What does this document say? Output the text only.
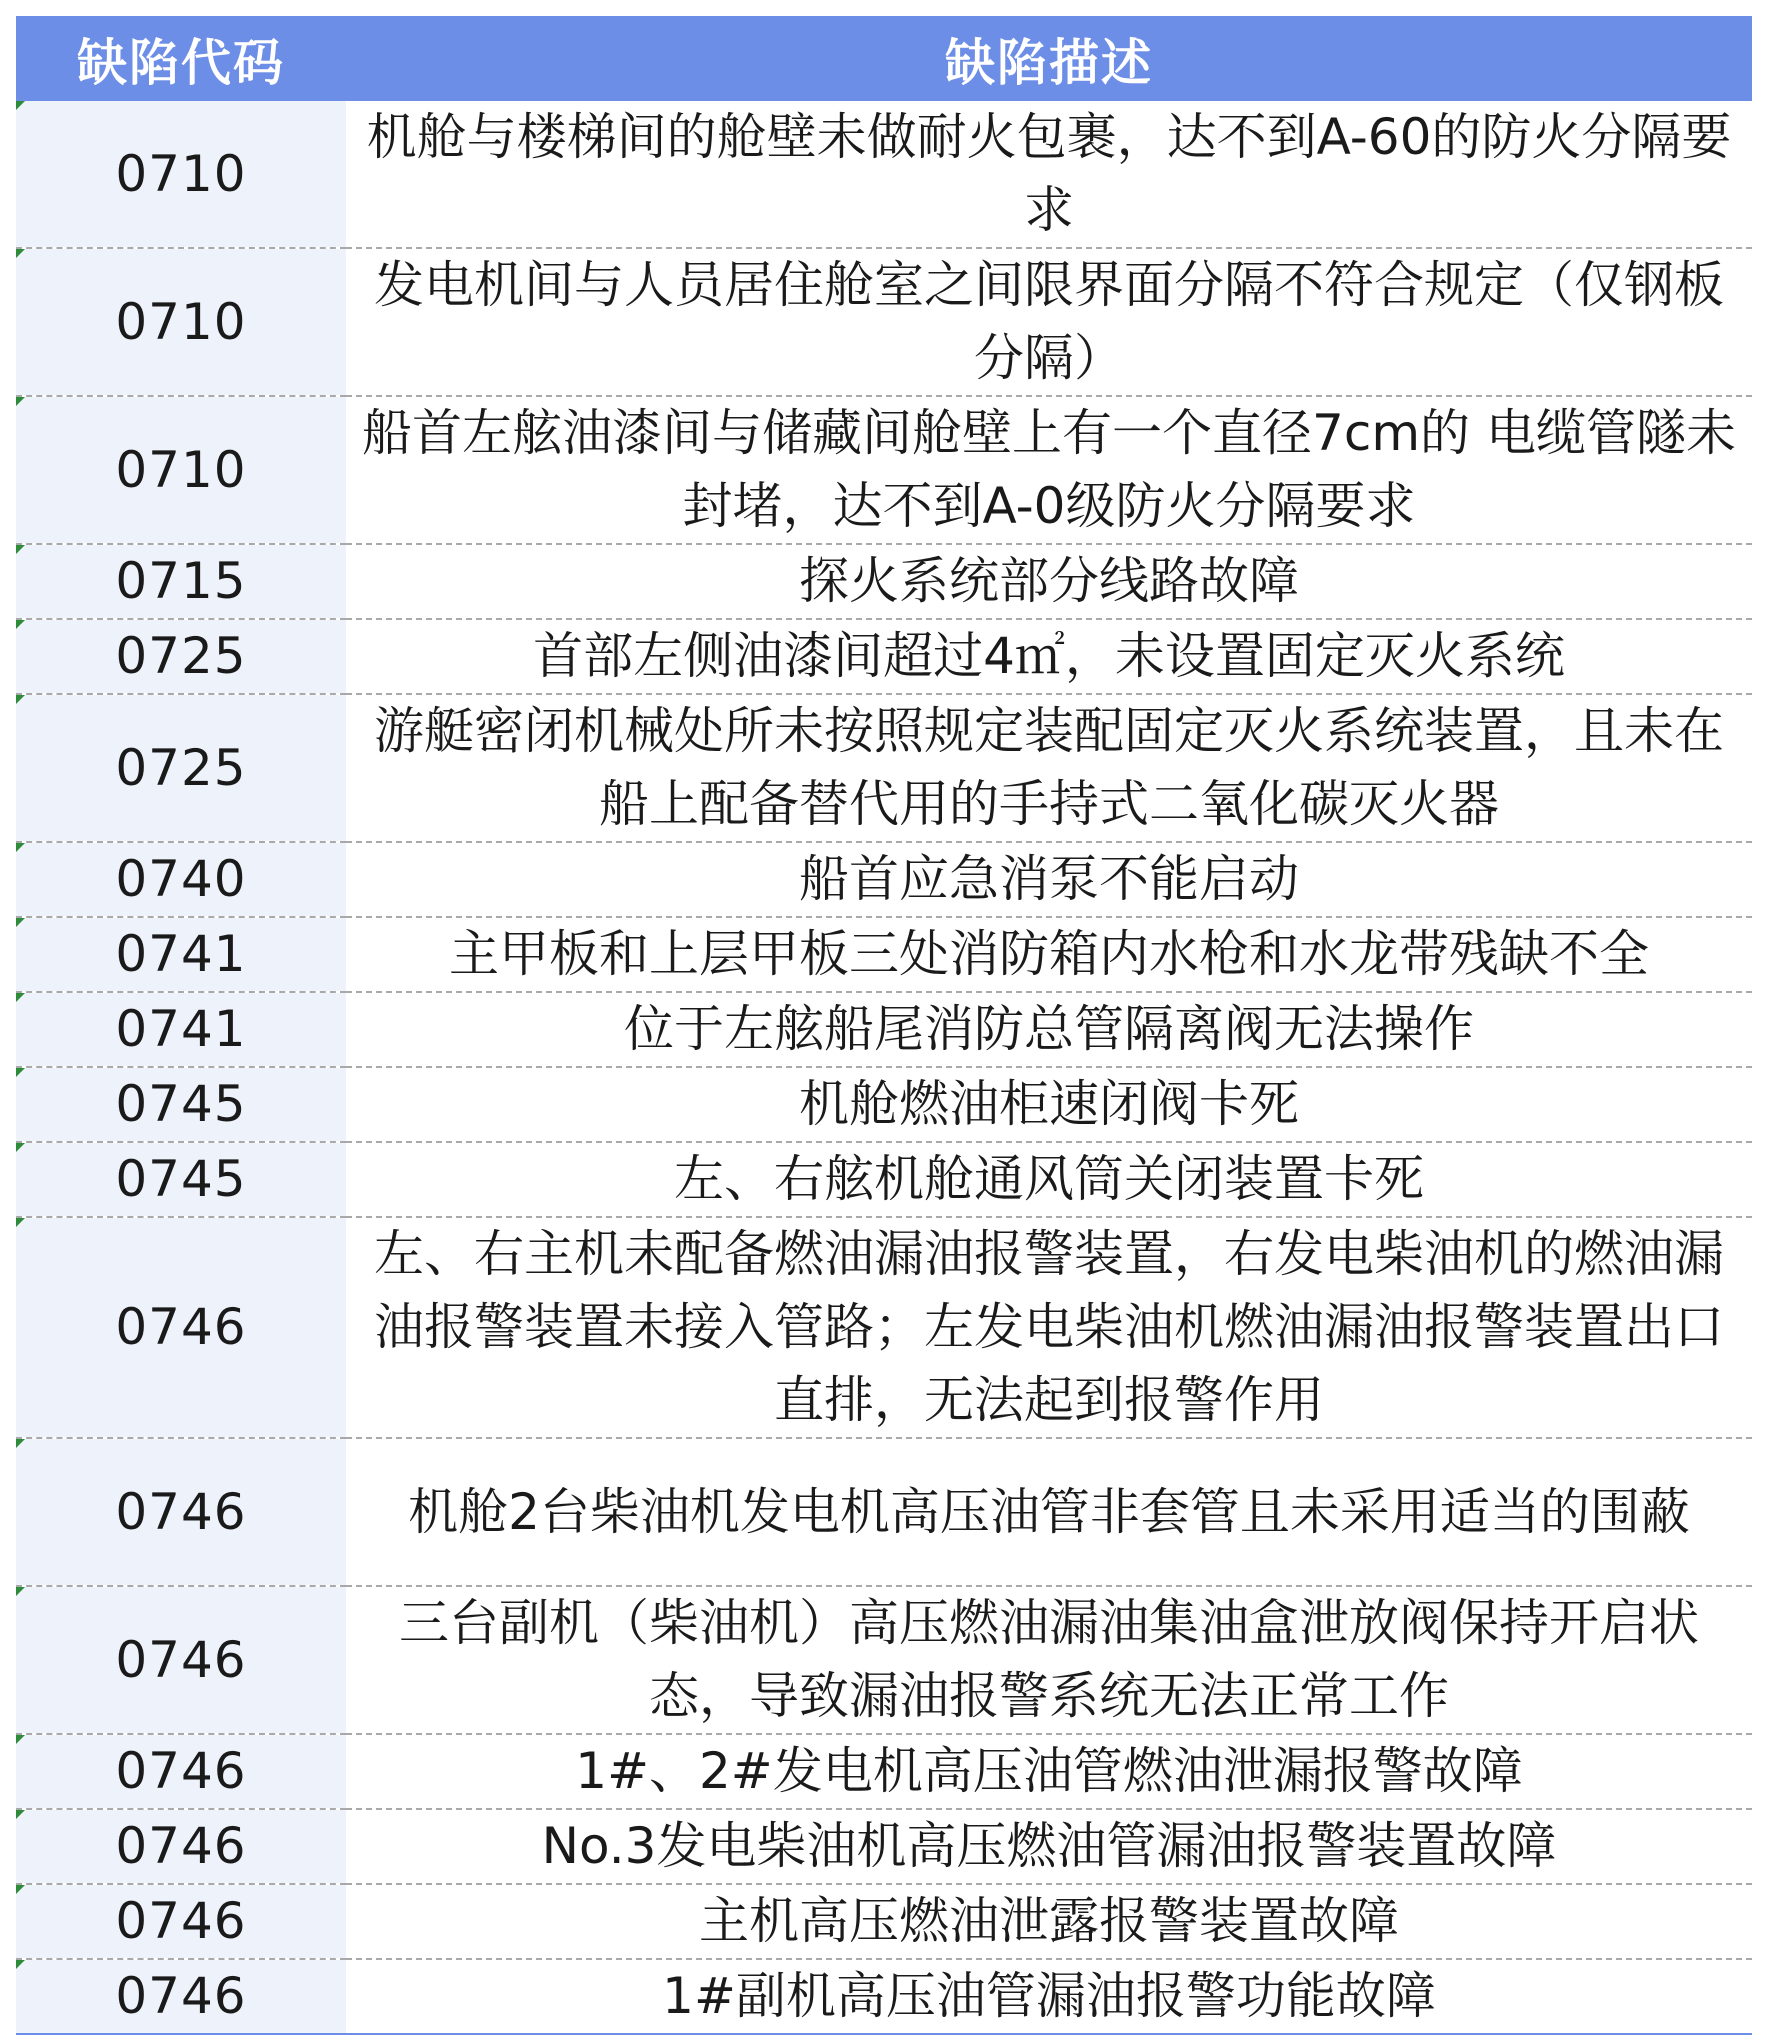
缺陷代码	缺陷描述
0710	机舱与楼梯间的舱壁未做耐火包裹，达不到A-60的防火分隔要求
0710	发电机间与人员居住舱室之间限界面分隔不符合规定（仅钢板分隔）
0710	船首左舷油漆间与储藏间舱壁上有一个直径7cm的 电缆管隧未封堵，达不到A-0级防火分隔要求
0715	探火系统部分线路故障
0725	首部左侧油漆间超过4㎡，未设置固定灭火系统
0725	游艇密闭机械处所未按照规定装配固定灭火系统装置，且未在船上配备替代用的手持式二氧化碳灭火器
0740	船首应急消泵不能启动
0741	主甲板和上层甲板三处消防箱内水枪和水龙带残缺不全
0741	位于左舷船尾消防总管隔离阀无法操作
0745	机舱燃油柜速闭阀卡死
0745	左、右舷机舱通风筒关闭装置卡死
0746	左、右主机未配备燃油漏油报警装置，右发电柴油机的燃油漏油报警装置未接入管路；左发电柴油机燃油漏油报警装置出口直排，无法起到报警作用
0746	机舱2台柴油机发电机高压油管非套管且未采用适当的围蔽
0746	三台副机（柴油机）高压燃油漏油集油盒泄放阀保持开启状态，导致漏油报警系统无法正常工作
0746	1#、2#发电机高压油管燃油泄漏报警故障
0746	No.3发电柴油机高压燃油管漏油报警装置故障
0746	主机高压燃油泄露报警装置故障
0746	1#副机高压油管漏油报警功能故障
